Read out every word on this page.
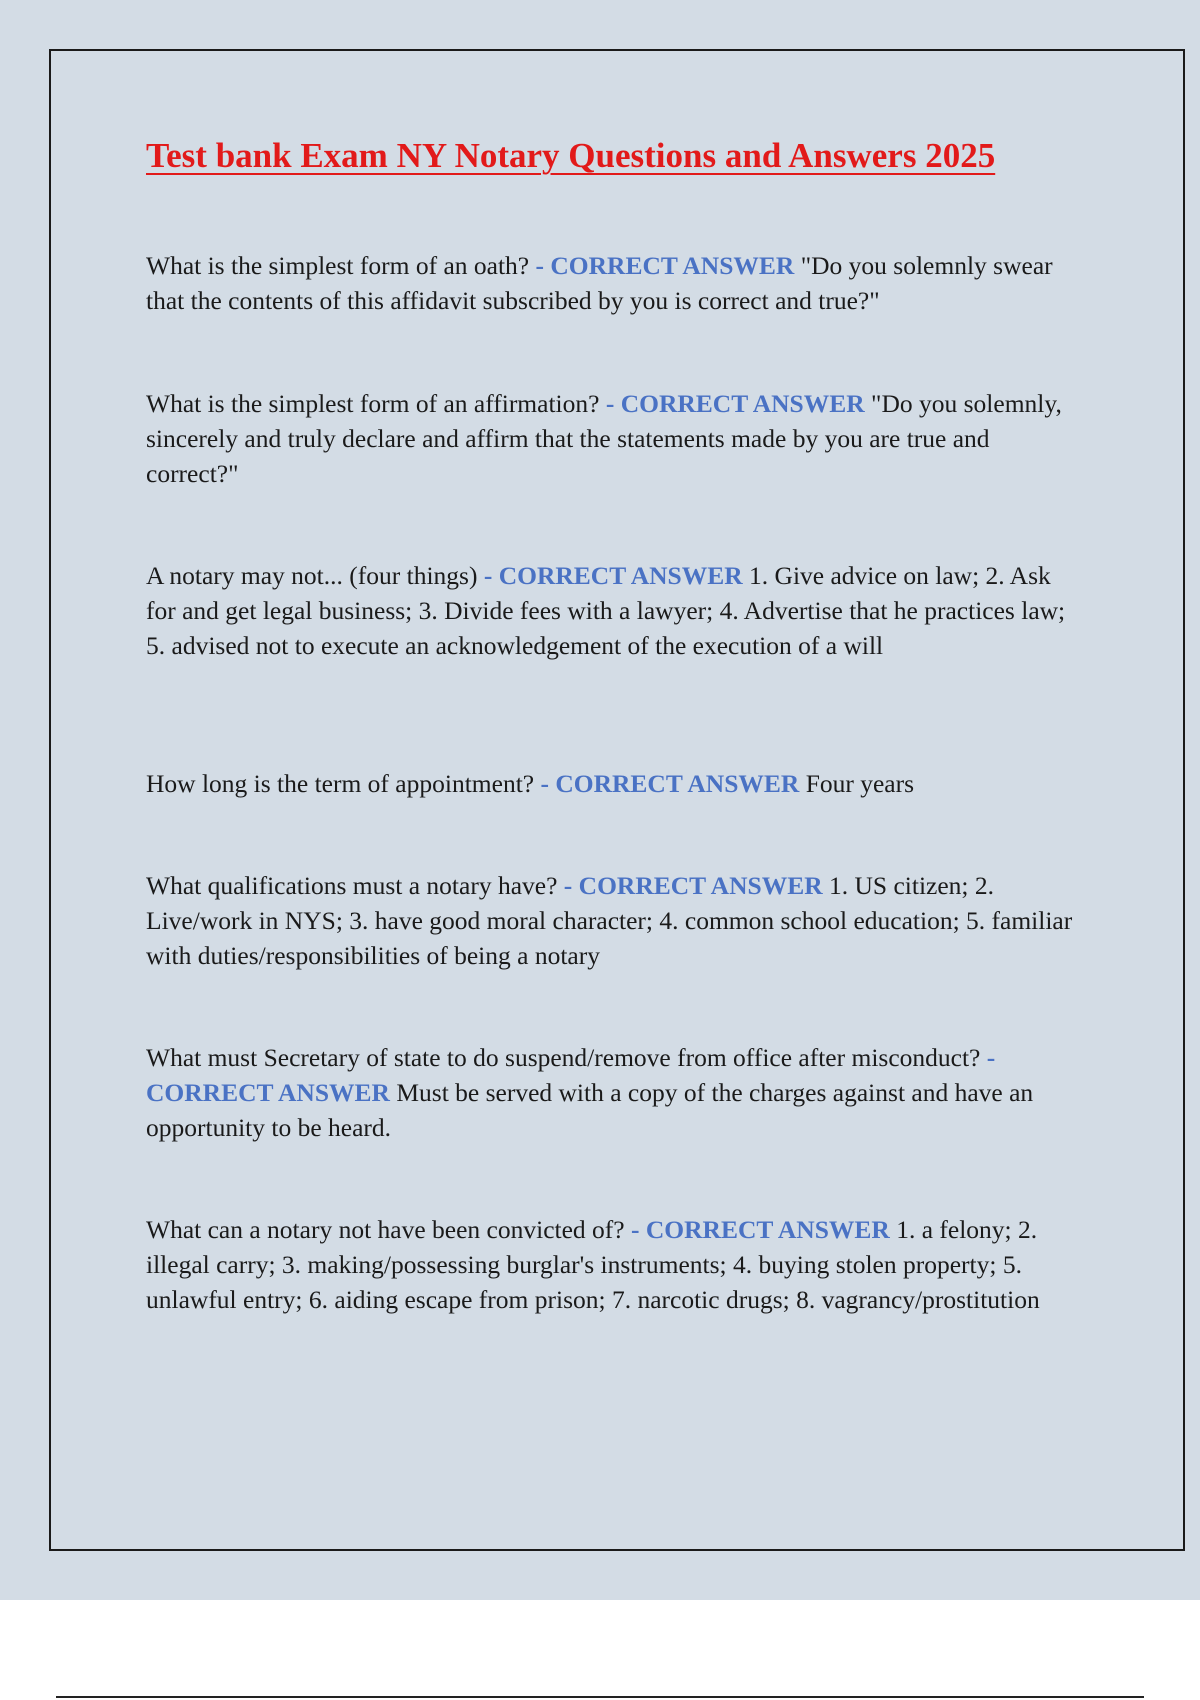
Test bank Exam NY Notary Questions and Answers 2025

What is the simplest form of an oath? - CORRECT ANSWER "Do you solemnly swear that the contents of this affidavit subscribed by you is correct and true?"

What is the simplest form of an affirmation? - CORRECT ANSWER "Do you solemnly, sincerely and truly declare and affirm that the statements made by you are true and correct?"

A notary may not... (four things) - CORRECT ANSWER 1. Give advice on law; 2. Ask for and get legal business; 3. Divide fees with a lawyer; 4. Advertise that he practices law; 5. advised not to execute an acknowledgement of the execution of a will

How long is the term of appointment? - CORRECT ANSWER Four years

What qualifications must a notary have? - CORRECT ANSWER 1. US citizen; 2. Live/work in NYS; 3. have good moral character; 4. common school education; 5. familiar with duties/responsibilities of being a notary

What must Secretary of state to do suspend/remove from office after misconduct? - CORRECT ANSWER Must be served with a copy of the charges against and have an opportunity to be heard.

What can a notary not have been convicted of? - CORRECT ANSWER 1. a felony; 2. illegal carry; 3. making/possessing burglar's instruments; 4. buying stolen property; 5. unlawful entry; 6. aiding escape from prison; 7. narcotic drugs; 8. vagrancy/prostitution
